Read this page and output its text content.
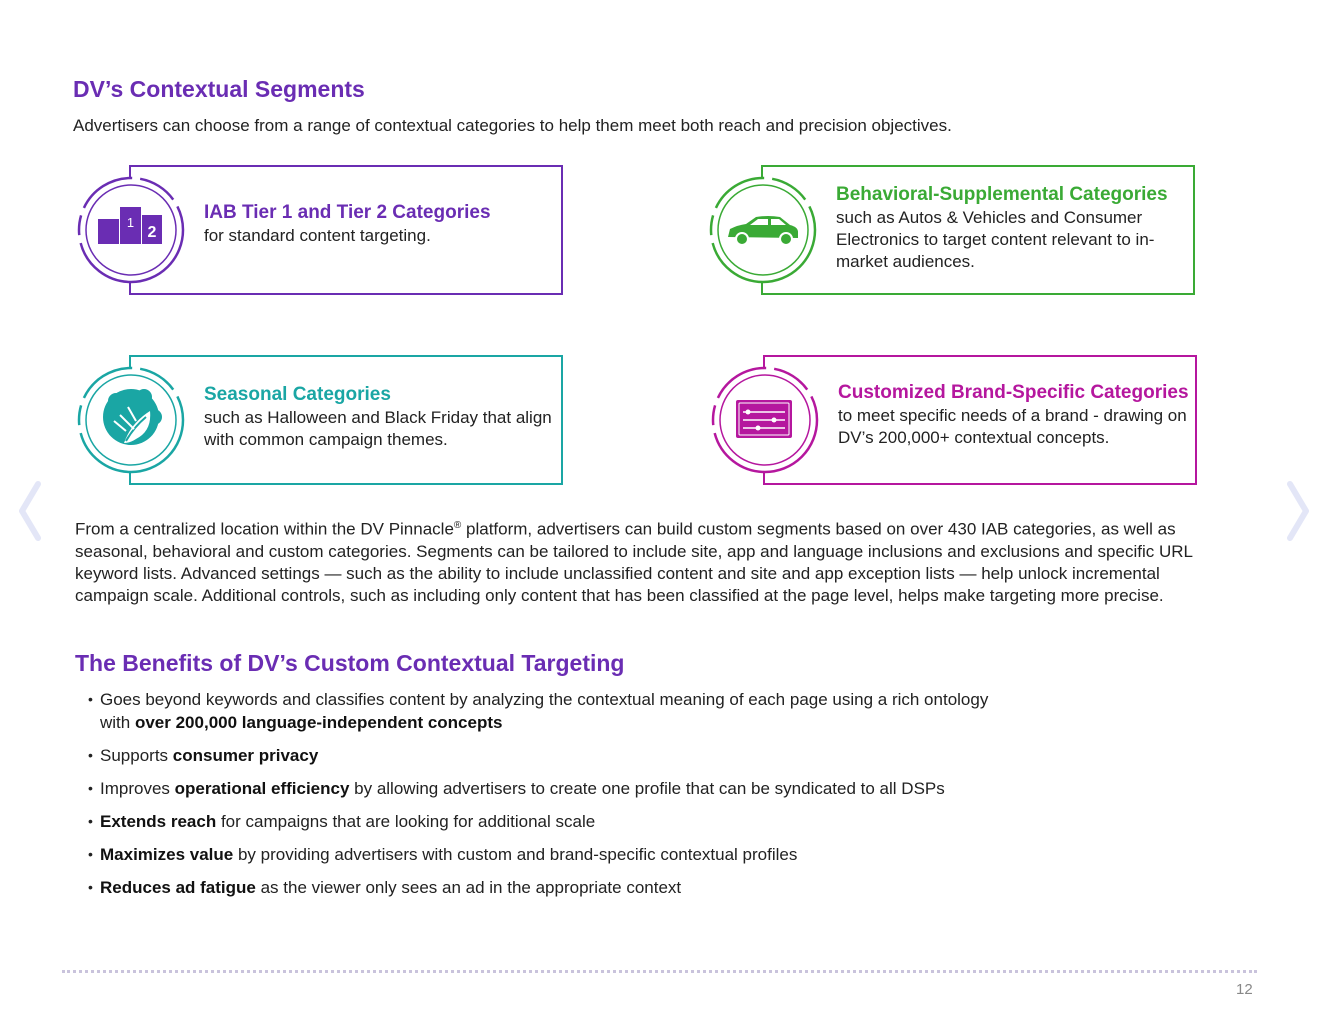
DV’s Contextual Segments
Advertisers can choose from a range of contextual categories to help them meet both reach and precision objectives.
1
2
IAB Tier 1 and Tier 2 Categories
for standard content targeting.
Behavioral-Supplemental Categories
such as Autos & Vehicles and Consumer Electronics to target content relevant to in-market audiences.
Seasonal Categories
such as Halloween and Black Friday that align with common campaign themes.
Customized Brand-Specific Categories
to meet specific needs of a brand - drawing on DV’s 200,000+ contextual concepts.
From a centralized location within the DV Pinnacle® platform, advertisers can build custom segments based on over 430 IAB categories, as well as seasonal, behavioral and custom categories. Segments can be tailored to include site, app and language inclusions and exclusions and specific URL keyword lists. Advanced settings — such as the ability to include unclassified content and site and app exception lists — help unlock incremental campaign scale. Additional controls, such as including only content that has been classified at the page level, helps make targeting more precise.
The Benefits of DV’s Custom Contextual Targeting
• Goes beyond keywords and classifies content by analyzing the contextual meaning of each page using a rich ontology with over 200,000 language-independent concepts
• Supports consumer privacy
• Improves operational efficiency by allowing advertisers to create one profile that can be syndicated to all DSPs
• Extends reach for campaigns that are looking for additional scale
• Maximizes value by providing advertisers with custom and brand-specific contextual profiles
• Reduces ad fatigue as the viewer only sees an ad in the appropriate context
12
